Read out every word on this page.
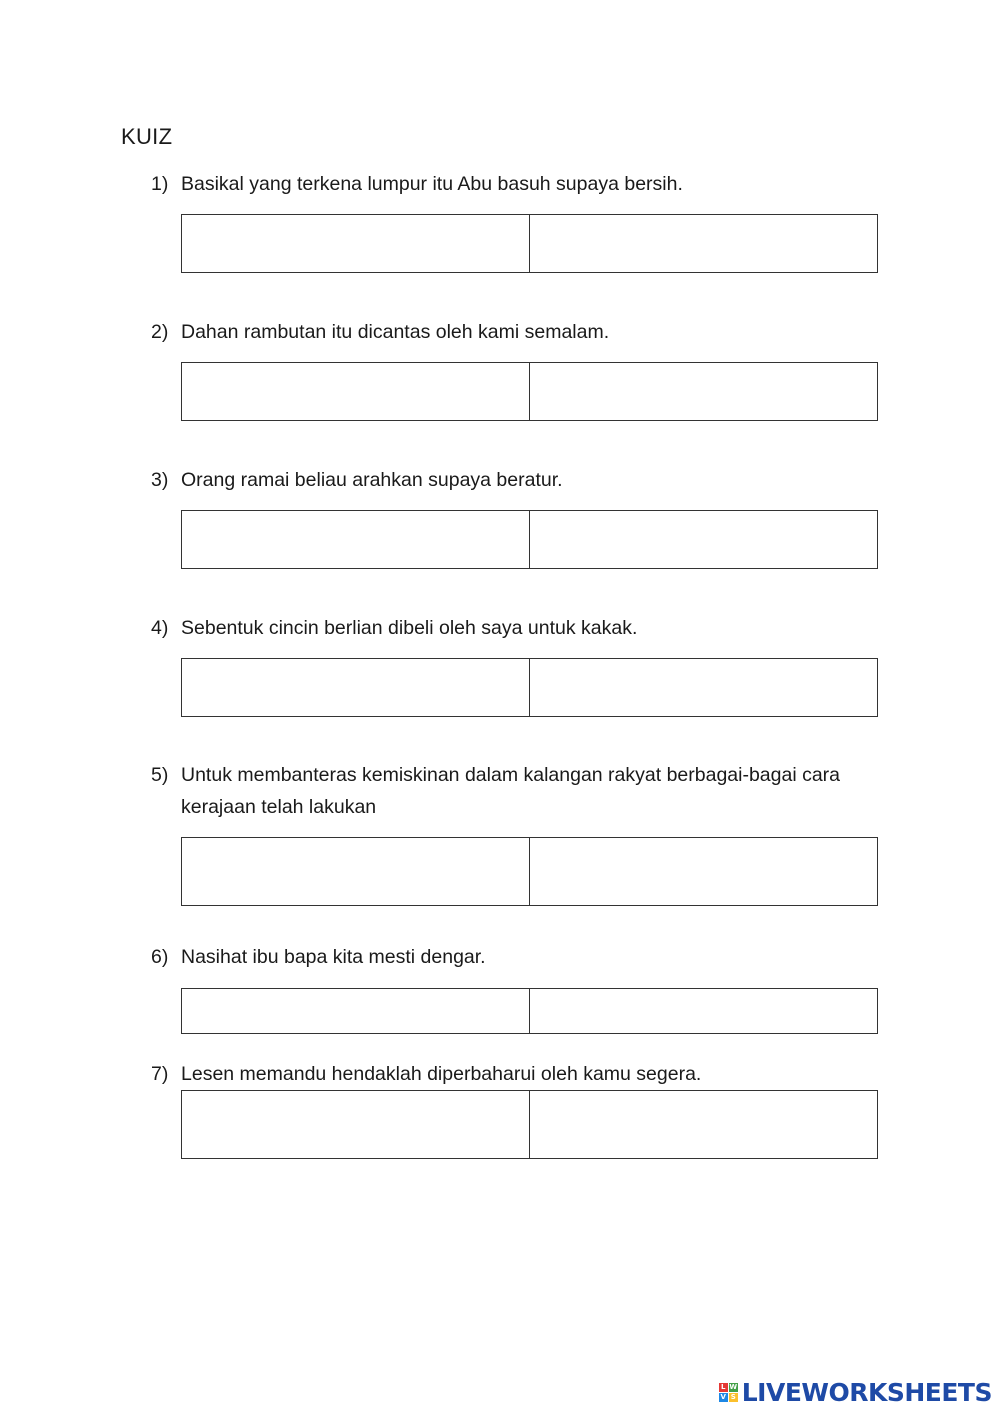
KUIZ
1) Basikal yang terkena lumpur itu Abu basuh supaya bersih.
2) Dahan rambutan itu dicantas oleh kami semalam.
3) Orang ramai beliau arahkan supaya beratur.
4) Sebentuk cincin berlian dibeli oleh saya untuk kakak.
5) Untuk membanteras kemiskinan dalam kalangan rakyat berbagai-bagai cara kerajaan telah lakukan
6) Nasihat ibu bapa kita mesti dengar.
7) Lesen memandu hendaklah diperbaharui oleh kamu segera.
L W
V S LIVEWORKSHEETS
